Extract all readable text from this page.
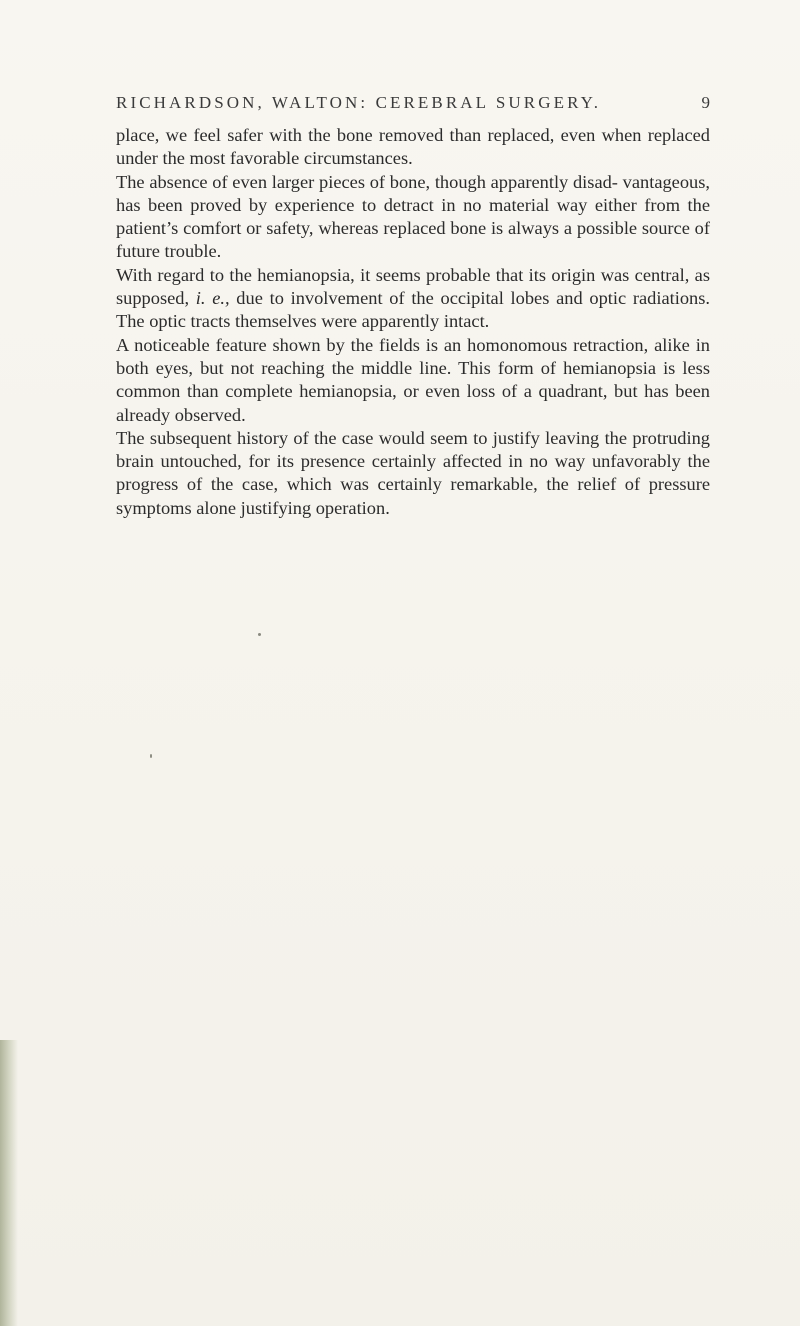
RICHARDSON, WALTON: CEREBRAL SURGERY.	9

place, we feel safer with the bone removed than replaced, even when replaced under the most favorable circumstances.

The absence of even larger pieces of bone, though apparently disad- vantageous, has been proved by experience to detract in no material way either from the patient’s comfort or safety, whereas replaced bone is always a possible source of future trouble.

With regard to the hemianopsia, it seems probable that its origin was central, as supposed, i. e., due to involvement of the occipital lobes and optic radiations. The optic tracts themselves were apparently intact.

A noticeable feature shown by the fields is an homonomous retraction, alike in both eyes, but not reaching the middle line. This form of hemianopsia is less common than complete hemianopsia, or even loss of a quadrant, but has been already observed.

The subsequent history of the case would seem to justify leaving the protruding brain untouched, for its presence certainly affected in no way unfavorably the progress of the case, which was certainly remarkable, the relief of pressure symptoms alone justifying operation.
